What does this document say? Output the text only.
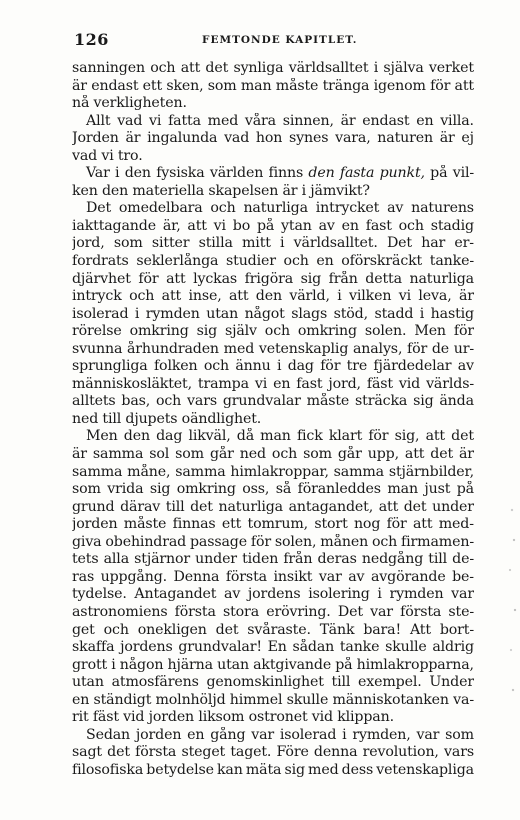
126	FEMTONDE KAPITLET.
sanningen och att det synliga världsalltet i själva verket
är endast ett sken, som man måste tränga igenom för att
nå verkligheten.
Allt vad vi fatta med våra sinnen, är endast en villa.
Jorden är ingalunda vad hon synes vara, naturen är ej
vad vi tro.
Var i den fysiska världen finns den fasta punkt, på vil-
ken den materiella skapelsen är i jämvikt?
Det omedelbara och naturliga intrycket av naturens
iakttagande är, att vi bo på ytan av en fast och stadig
jord, som sitter stilla mitt i världsalltet. Det har er-
fordrats seklerlånga studier och en oförskräckt tanke-
djärvhet för att lyckas frigöra sig från detta naturliga
intryck och att inse, att den värld, i vilken vi leva, är
isolerad i rymden utan något slags stöd, stadd i hastig
rörelse omkring sig själv och omkring solen. Men för
svunna århundraden med vetenskaplig analys, för de ur-
sprungliga folken och ännu i dag för tre fjärdedelar av
människosläktet, trampa vi en fast jord, fäst vid världs-
alltets bas, och vars grundvalar måste sträcka sig ända
ned till djupets oändlighet.
Men den dag likväl, då man fick klart för sig, att det
är samma sol som går ned och som går upp, att det är
samma måne, samma himlakroppar, samma stjärnbilder,
som vrida sig omkring oss, så föranleddes man just på
grund därav till det naturliga antagandet, att det under
jorden måste finnas ett tomrum, stort nog för att med-
giva obehindrad passage för solen, månen och firmamen-
tets alla stjärnor under tiden från deras nedgång till de-
ras uppgång. Denna första insikt var av avgörande be-
tydelse. Antagandet av jordens isolering i rymden var
astronomiens första stora erövring. Det var första ste-
get och onekligen det svåraste. Tänk bara! Att bort-
skaffa jordens grundvalar! En sådan tanke skulle aldrig
grott i någon hjärna utan aktgivande på himlakropparna,
utan atmosfärens genomskinlighet till exempel. Under
en ständigt molnhöljd himmel skulle människotanken va-
rit fäst vid jorden liksom ostronet vid klippan.
Sedan jorden en gång var isolerad i rymden, var som
sagt det första steget taget. Före denna revolution, vars
filosofiska betydelse kan mäta sig med dess vetenskapliga
